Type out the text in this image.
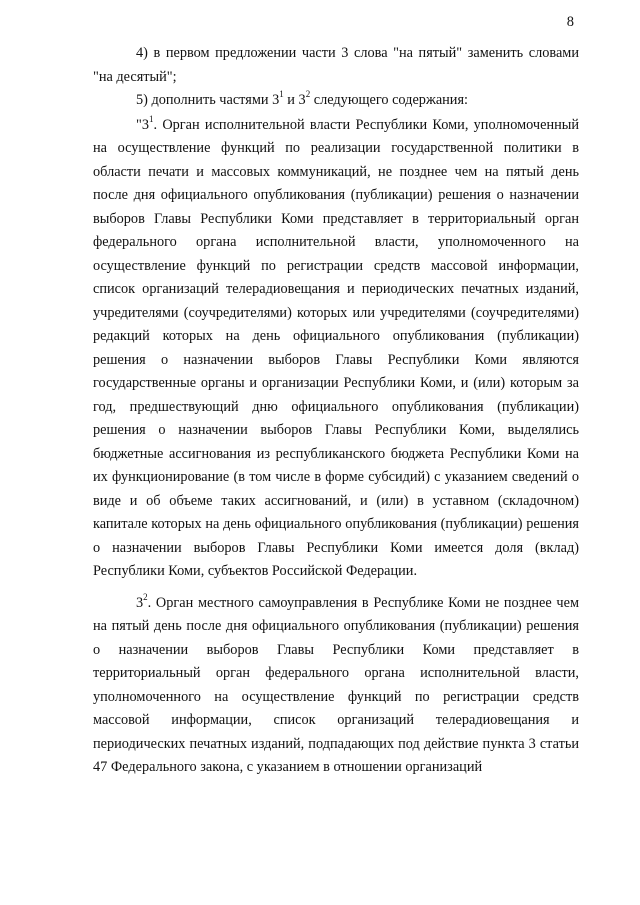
8

4) в первом предложении части 3 слова "на пятый" заменить словами "на десятый";

5) дополнить частями $3^1$ и $3^2$ следующего содержания:

"$3^1$. Орган исполнительной власти Республики Коми, уполномоченный на осуществление функций по реализации государственной политики в области печати и массовых коммуникаций, не позднее чем на пятый день после дня официального опубликования (публикации) решения о назначении выборов Главы Республики Коми представляет в территориальный орган федерального органа исполнительной власти, уполномоченного на осуществление функций по регистрации средств массовой информации, список организаций телерадиовещания и периодических печатных изданий, учредителями (соучредителями) которых или учредителями (соучредителями) редакций которых на день официального опубликования (публикации) решения о назначении выборов Главы Республики Коми являются государственные органы и организации Республики Коми, и (или) которым за год, предшествующий дню официального опубликования (публикации) решения о назначении выборов Главы Республики Коми, выделялись бюджетные ассигнования из республиканского бюджета Республики Коми на их функционирование (в том числе в форме субсидий) с указанием сведений о виде и об объеме таких ассигнований, и (или) в уставном (складочном) капитале которых на день официального опубликования (публикации) решения о назначении выборов Главы Республики Коми имеется доля (вклад) Республики Коми, субъектов Российской Федерации.

$3^2$. Орган местного самоуправления в Республике Коми не позднее чем на пятый день после дня официального опубликования (публикации) решения о назначении выборов Главы Республики Коми представляет в территориальный орган федерального органа исполнительной власти, уполномоченного на осуществление функций по регистрации средств массовой информации, список организаций телерадиовещания и периодических печатных изданий, подпадающих под действие пункта 3 статьи 47 Федерального закона, с указанием в отношении организаций
